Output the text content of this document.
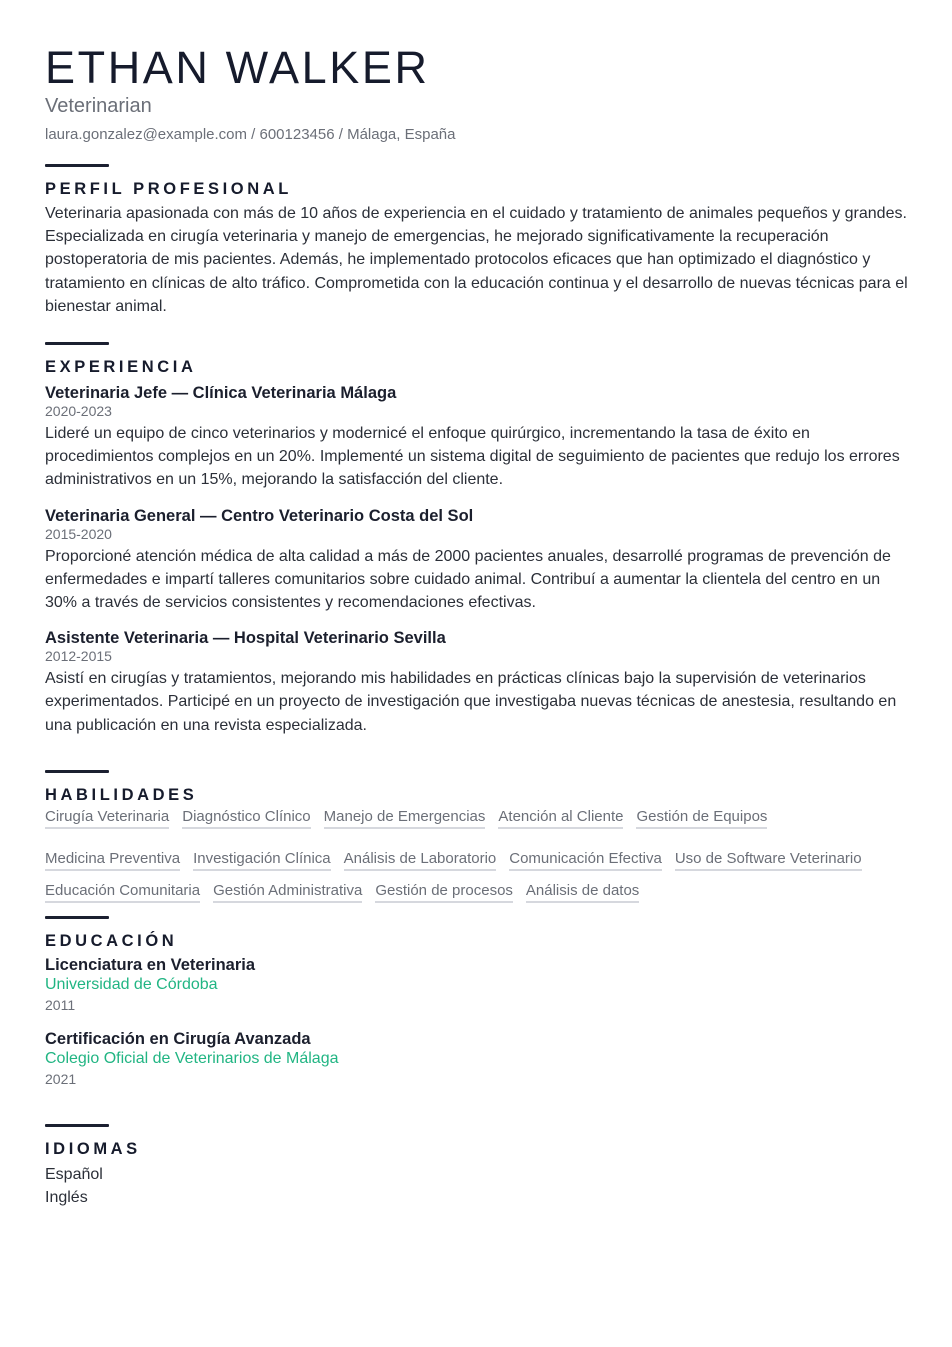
ETHAN WALKER
Veterinarian
laura.gonzalez@example.com / 600123456 / Málaga, España
PERFIL PROFESIONAL

Veterinaria apasionada con más de 10 años de experiencia en el cuidado y tratamiento de animales pequeños y grandes. Especializada en cirugía veterinaria y manejo de emergencias, he mejorado significativamente la recuperación postoperatoria de mis pacientes. Además, he implementado protocolos eficaces que han optimizado el diagnóstico y tratamiento en clínicas de alto tráfico. Comprometida con la educación continua y el desarrollo de nuevas técnicas para el bienestar animal.

EXPERIENCIA
Veterinaria Jefe — Clínica Veterinaria Málaga
2020-2023

Lideré un equipo de cinco veterinarios y modernicé el enfoque quirúrgico, incrementando la tasa de éxito en procedimientos complejos en un 20%. Implementé un sistema digital de seguimiento de pacientes que redujo los errores administrativos en un 15%, mejorando la satisfacción del cliente.

Veterinaria General — Centro Veterinario Costa del Sol
2015-2020

Proporcioné atención médica de alta calidad a más de 2000 pacientes anuales, desarrollé programas de prevención de enfermedades e impartí talleres comunitarios sobre cuidado animal. Contribuí a aumentar la clientela del centro en un 30% a través de servicios consistentes y recomendaciones efectivas.

Asistente Veterinaria — Hospital Veterinario Sevilla
2012-2015

Asistí en cirugías y tratamientos, mejorando mis habilidades en prácticas clínicas bajo la supervisión de veterinarios experimentados. Participé en un proyecto de investigación que investigaba nuevas técnicas de anestesia, resultando en una publicación en una revista especializada.

HABILIDADES
Cirugía Veterinaria Diagnóstico Clínico Manejo de Emergencias Atención al Cliente Gestión de Equipos
Medicina Preventiva Investigación Clínica Análisis de Laboratorio Comunicación Efectiva Uso de Software Veterinario
Educación Comunitaria Gestión Administrativa Gestión de procesos Análisis de datos
EDUCACIÓN
Licenciatura en Veterinaria
Universidad de Córdoba
2011
Certificación en Cirugía Avanzada
Colegio Oficial de Veterinarios de Málaga
2021
IDIOMAS
Español
Inglés
